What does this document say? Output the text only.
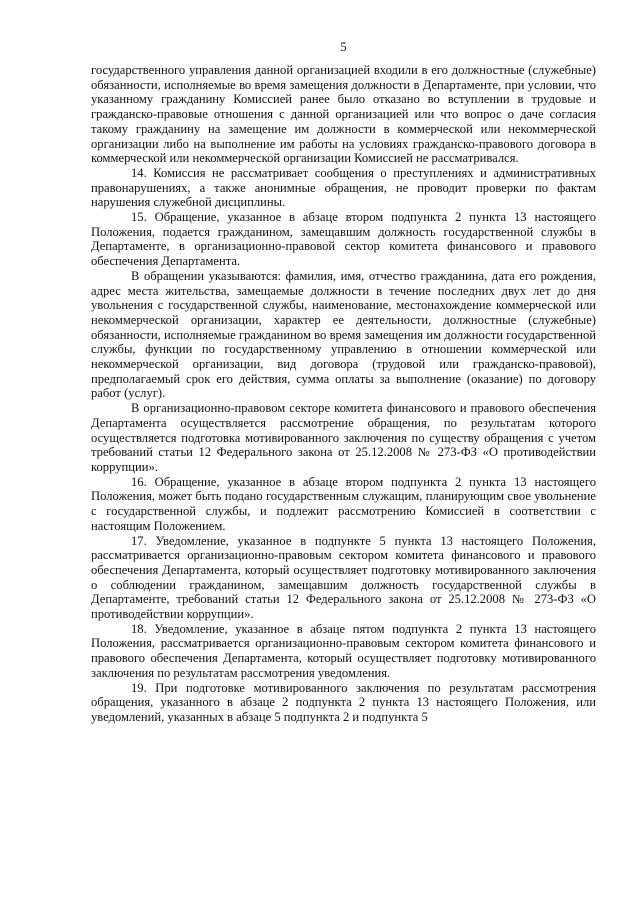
5

государственного управления данной организацией входили в его должностные (служебные) обязанности, исполняемые во время замещения должности в Департаменте, при условии, что указанному гражданину Комиссией ранее было отказано во вступлении в трудовые и гражданско-правовые отношения с данной организацией или что вопрос о даче согласия такому гражданину на замещение им должности в коммерческой или некоммерческой организации либо на выполнение им работы на условиях гражданско-правового договора в коммерческой или некоммерческой организации Комиссией не рассматривался.

14. Комиссия не рассматривает сообщения о преступлениях и административных правонарушениях, а также анонимные обращения, не проводит проверки по фактам нарушения служебной дисциплины.

15. Обращение, указанное в абзаце втором подпункта 2 пункта 13 настоящего Положения, подается гражданином, замещавшим должность государственной службы в Департаменте, в организационно-правовой сектор комитета финансового и правового обеспечения Департамента.

В обращении указываются: фамилия, имя, отчество гражданина, дата его рождения, адрес места жительства, замещаемые должности в течение последних двух лет до дня увольнения с государственной службы, наименование, местонахождение коммерческой или некоммерческой организации, характер ее деятельности, должностные (служебные) обязанности, исполняемые гражданином во время замещения им должности государственной службы, функции по государственному управлению в отношении коммерческой или некоммерческой организации, вид договора (трудовой или гражданско-правовой), предполагаемый срок его действия, сумма оплаты за выполнение (оказание) по договору работ (услуг).

В организационно-правовом секторе комитета финансового и правового обеспечения Департамента осуществляется рассмотрение обращения, по результатам которого осуществляется подготовка мотивированного заключения по существу обращения с учетом требований статьи 12 Федерального закона от 25.12.2008 № 273-ФЗ «О противодействии коррупции».

16. Обращение, указанное в абзаце втором подпункта 2 пункта 13 настоящего Положения, может быть подано государственным служащим, планирующим свое увольнение с государственной службы, и подлежит рассмотрению Комиссией в соответствии с настоящим Положением.

17. Уведомление, указанное в подпункте 5 пункта 13 настоящего Положения, рассматривается организационно-правовым сектором комитета финансового и правового обеспечения Департамента, который осуществляет подготовку мотивированного заключения о соблюдении гражданином, замещавшим должность государственной службы в Департаменте, требований статьи 12 Федерального закона от 25.12.2008 № 273-ФЗ «О противодействии коррупции».

18. Уведомление, указанное в абзаце пятом подпункта 2 пункта 13 настоящего Положения, рассматривается организационно-правовым сектором комитета финансового и правового обеспечения Департамента, который осуществляет подготовку мотивированного заключения по результатам рассмотрения уведомления.

19. При подготовке мотивированного заключения по результатам рассмотрения обращения, указанного в абзаце 2 подпункта 2 пункта 13 настоящего Положения, или уведомлений, указанных в абзаце 5 подпункта 2 и подпункта 5
